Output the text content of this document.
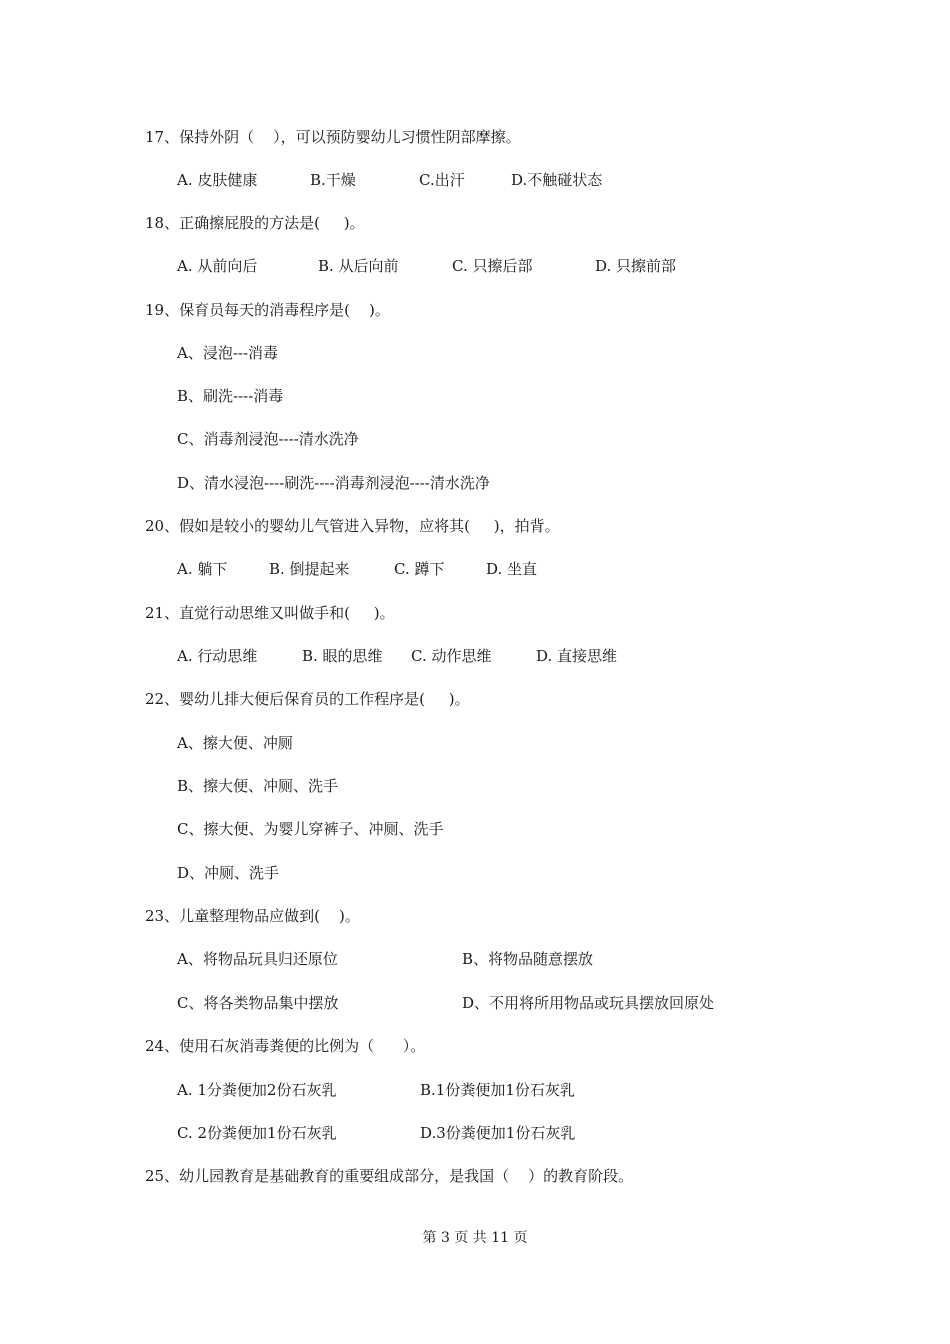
17、保持外阴（    ），可以预防婴幼儿习惯性阴部摩擦。
A. 皮肤健康	B.干燥	C.出汗	D.不触碰状态
18、正确擦屁股的方法是(     )。
A. 从前向后	B. 从后向前	C. 只擦后部	D. 只擦前部
19、保育员每天的消毒程序是(    )。
A、浸泡---消毒
B、刷洗----消毒
C、消毒剂浸泡----清水洗净
D、清水浸泡----刷洗----消毒剂浸泡----清水洗净
20、假如是较小的婴幼儿气管进入异物，应将其(     )，拍背。
A. 躺下	B. 倒提起来	C. 蹲下	D. 坐直
21、直觉行动思维又叫做手和(     )。
A. 行动思维	B. 眼的思维 C. 动作思维	D. 直接思维
22、婴幼儿排大便后保育员的工作程序是(     )。
A、擦大便、冲厕
B、擦大便、冲厕、洗手
C、擦大便、为婴儿穿裤子、冲厕、洗手
D、冲厕、洗手
23、儿童整理物品应做到(    )。
A、将物品玩具归还原位	B、将物品随意摆放
C、将各类物品集中摆放	D、不用将所用物品或玩具摆放回原处
24、使用石灰消毒粪便的比例为（      ）。
A. 1分粪便加2份石灰乳	B.1份粪便加1份石灰乳
C. 2份粪便加1份石灰乳	D.3份粪便加1份石灰乳
25、幼儿园教育是基础教育的重要组成部分，是我国（    ）的教育阶段。
第 3 页 共 11 页
